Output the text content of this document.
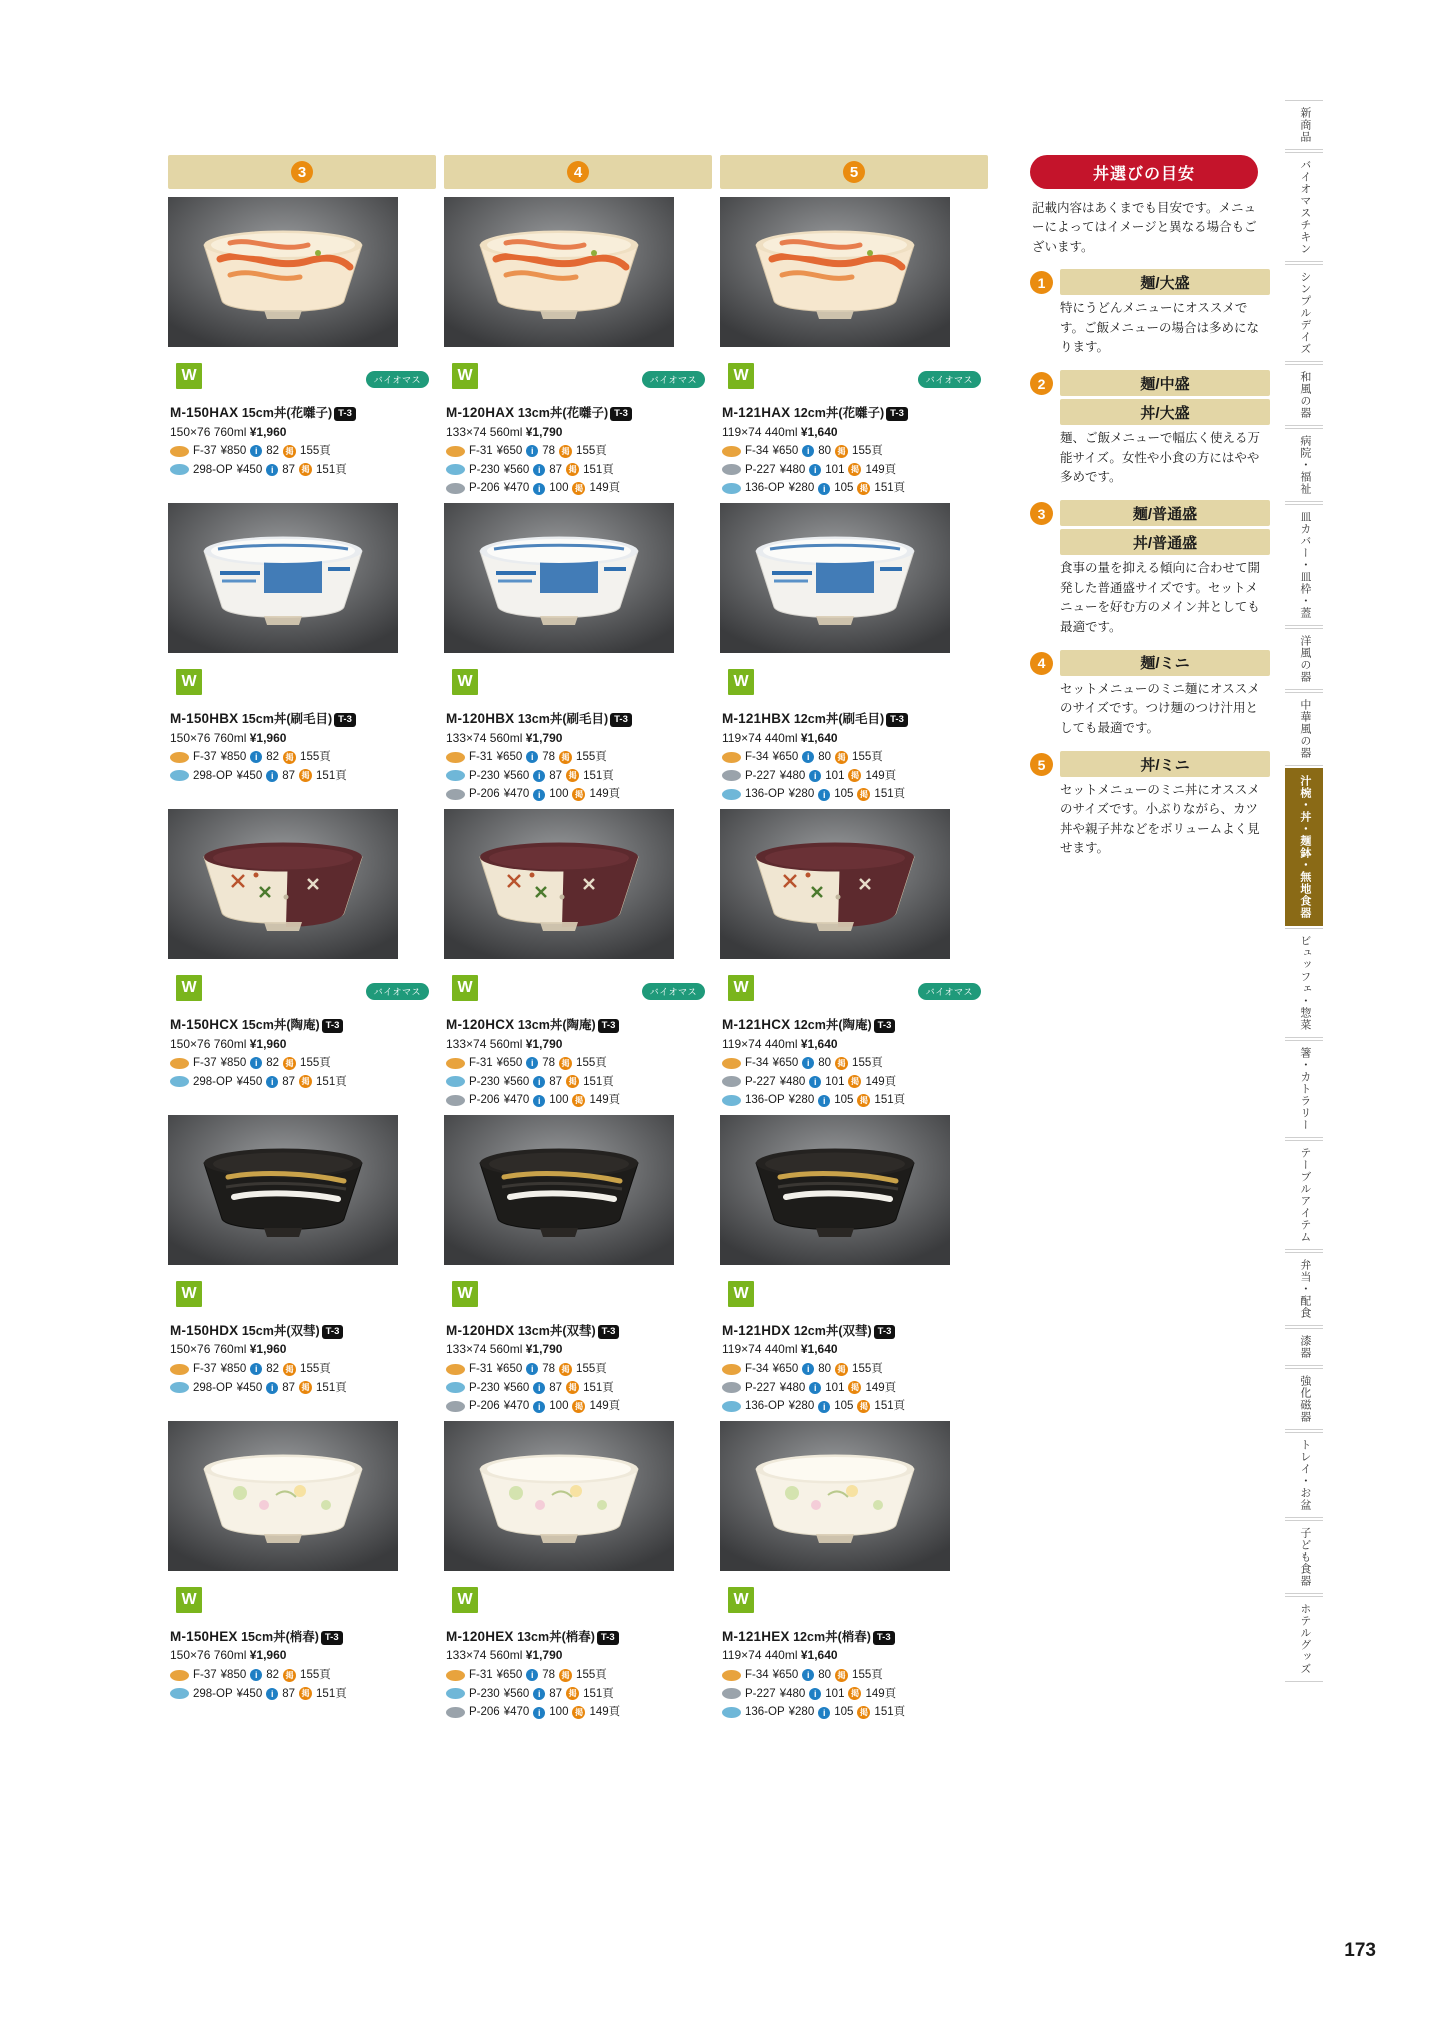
3	4	5
W	バイオマス
M-150HAX 15cm丼(花囃子) T-3
150×76 760ml ¥1,960
F-37 ¥850 i 82 掲 155頁
298-OP ¥450 i 87 掲 151頁
W	バイオマス
M-120HAX 13cm丼(花囃子) T-3
133×74 560ml ¥1,790
F-31 ¥650 i 78 掲 155頁
P-230 ¥560 i 87 掲 151頁
P-206 ¥470 i 100 掲 149頁
W	バイオマス
M-121HAX 12cm丼(花囃子) T-3
119×74 440ml ¥1,640
F-34 ¥650 i 80 掲 155頁
P-227 ¥480 i 101 掲 149頁
136-OP ¥280 i 105 掲 151頁
W
M-150HBX 15cm丼(刷毛目) T-3
150×76 760ml ¥1,960
F-37 ¥850 i 82 掲 155頁
298-OP ¥450 i 87 掲 151頁
W
M-120HBX 13cm丼(刷毛目) T-3
133×74 560ml ¥1,790
F-31 ¥650 i 78 掲 155頁
P-230 ¥560 i 87 掲 151頁
P-206 ¥470 i 100 掲 149頁
W
M-121HBX 12cm丼(刷毛目) T-3
119×74 440ml ¥1,640
F-34 ¥650 i 80 掲 155頁
P-227 ¥480 i 101 掲 149頁
136-OP ¥280 i 105 掲 151頁
W	バイオマス
M-150HCX 15cm丼(陶庵) T-3
150×76 760ml ¥1,960
F-37 ¥850 i 82 掲 155頁
298-OP ¥450 i 87 掲 151頁
W	バイオマス
M-120HCX 13cm丼(陶庵) T-3
133×74 560ml ¥1,790
F-31 ¥650 i 78 掲 155頁
P-230 ¥560 i 87 掲 151頁
P-206 ¥470 i 100 掲 149頁
W	バイオマス
M-121HCX 12cm丼(陶庵) T-3
119×74 440ml ¥1,640
F-34 ¥650 i 80 掲 155頁
P-227 ¥480 i 101 掲 149頁
136-OP ¥280 i 105 掲 151頁
W
M-150HDX 15cm丼(双彗) T-3
150×76 760ml ¥1,960
F-37 ¥850 i 82 掲 155頁
298-OP ¥450 i 87 掲 151頁
W
M-120HDX 13cm丼(双彗) T-3
133×74 560ml ¥1,790
F-31 ¥650 i 78 掲 155頁
P-230 ¥560 i 87 掲 151頁
P-206 ¥470 i 100 掲 149頁
W
M-121HDX 12cm丼(双彗) T-3
119×74 440ml ¥1,640
F-34 ¥650 i 80 掲 155頁
P-227 ¥480 i 101 掲 149頁
136-OP ¥280 i 105 掲 151頁
W
M-150HEX 15cm丼(梢春) T-3
150×76 760ml ¥1,960
F-37 ¥850 i 82 掲 155頁
298-OP ¥450 i 87 掲 151頁
W
M-120HEX 13cm丼(梢春) T-3
133×74 560ml ¥1,790
F-31 ¥650 i 78 掲 155頁
P-230 ¥560 i 87 掲 151頁
P-206 ¥470 i 100 掲 149頁
W
M-121HEX 12cm丼(梢春) T-3
119×74 440ml ¥1,640
F-34 ¥650 i 80 掲 155頁
P-227 ¥480 i 101 掲 149頁
136-OP ¥280 i 105 掲 151頁
丼選びの目安
記載内容はあくまでも目安です。メニューによってはイメージと異なる場合もございます。
1	麺/大盛
特にうどんメニューにオススメです。ご飯メニューの場合は多めになります。
2	麺/中盛
丼/大盛
麺、ご飯メニューで幅広く使える万能サイズ。女性や小食の方にはやや多めです。
3	麺/普通盛
丼/普通盛
食事の量を抑える傾向に合わせて開発した普通盛サイズです。セットメニューを好む方のメイン丼としても最適です。
4	麺/ミニ
セットメニューのミニ麺にオススメのサイズです。つけ麺のつけ汁用としても最適です。
5	丼/ミニ
セットメニューのミニ丼にオススメのサイズです。小ぶりながら、カツ丼や親子丼などをボリュームよく見せます。
新商品
バイオマスチキン
シンプルデイズ
和風の器
病院・福祉
皿カバー・皿枠・蓋
洋風の器
中華風の器
汁椀・丼・麺鉢・無地食器
ビュッフェ・惣菜
箸・カトラリー
テーブルアイテム
弁当・配食
漆器
強化磁器
トレイ・お盆
子ども食器
ホテルグッズ
173
